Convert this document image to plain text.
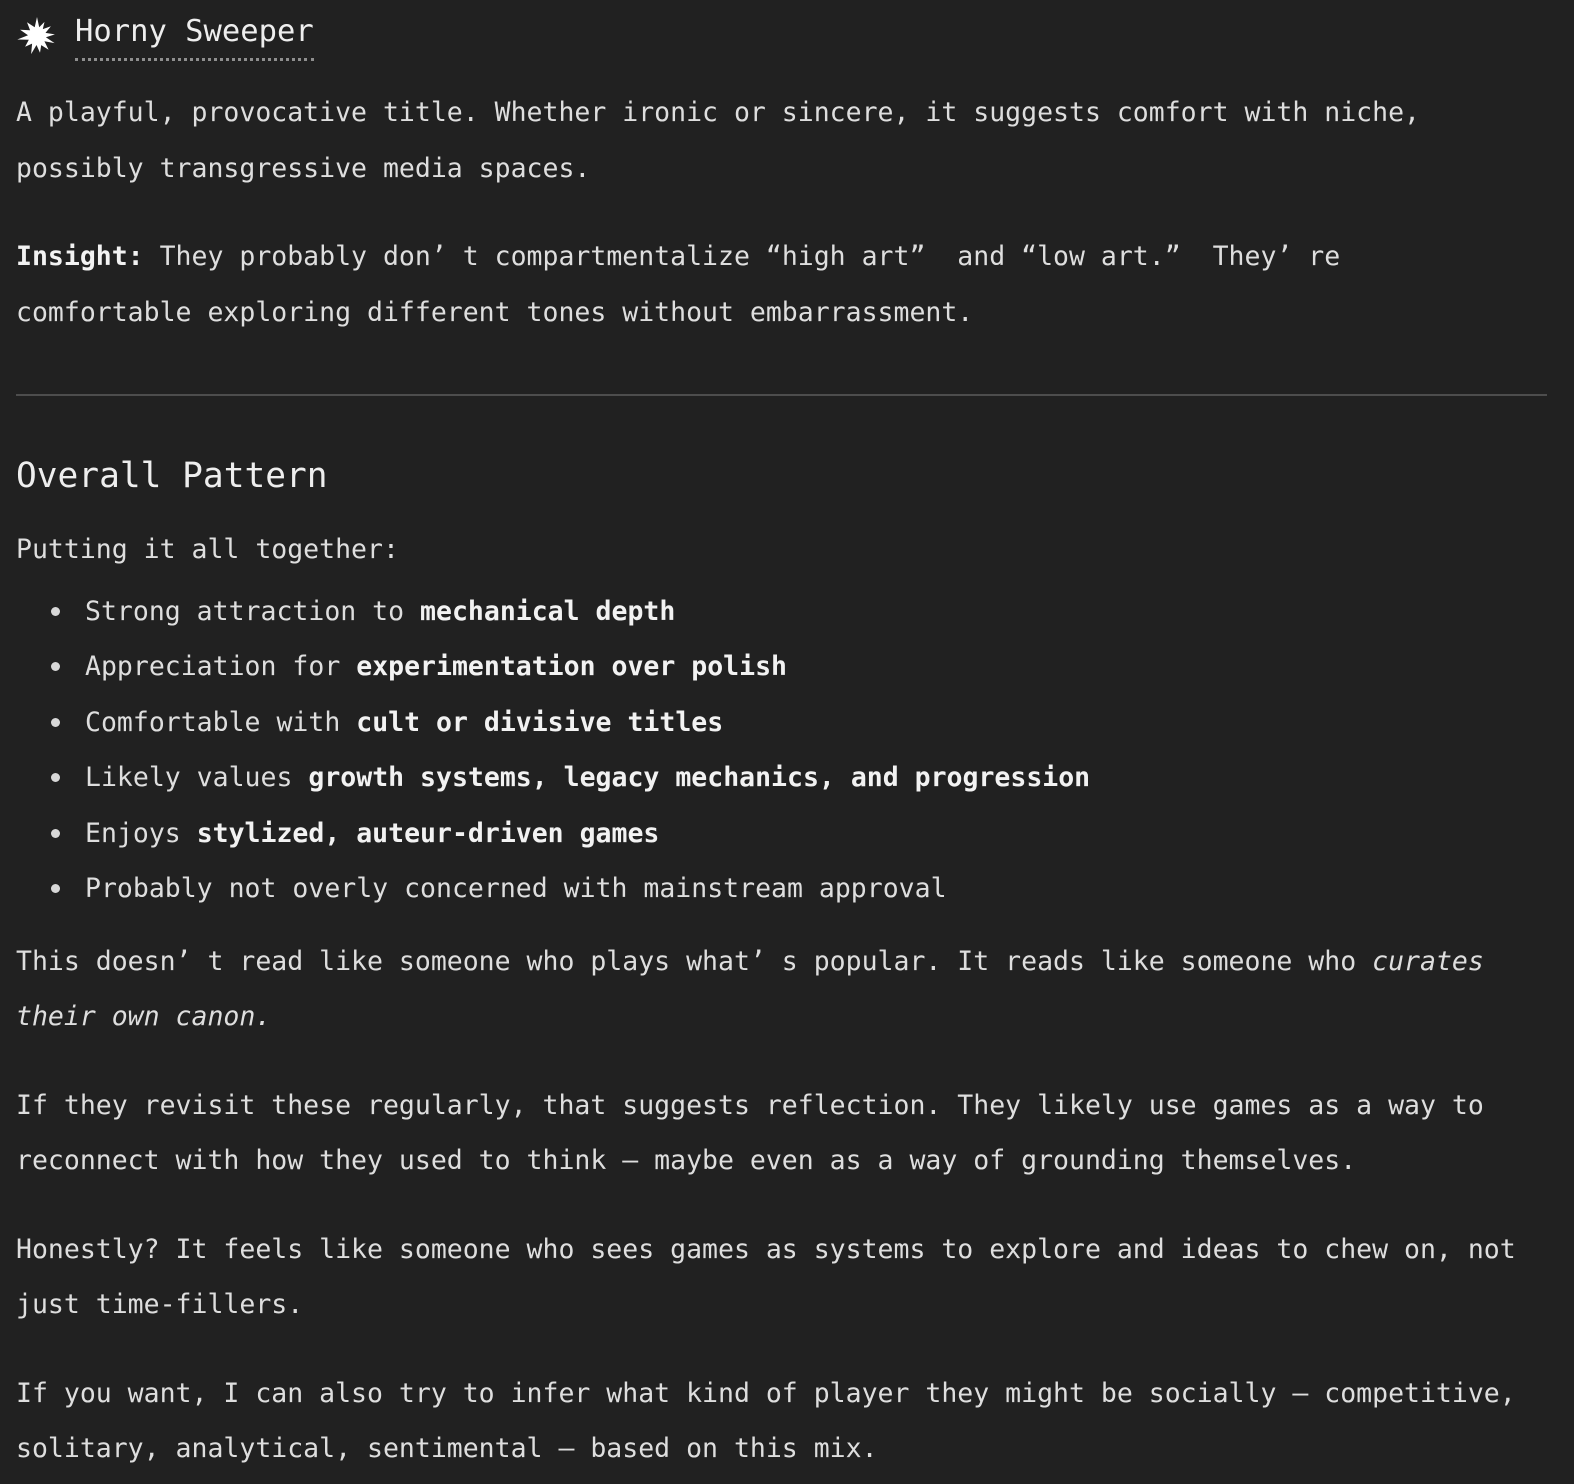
Horny Sweeper

A playful, provocative title. Whether ironic or sincere, it suggests comfort with niche,
possibly transgressive media spaces.

Insight: They probably don’ t compartmentalize “high art”  and “low art.”  They’ re
comfortable exploring different tones without embarrassment.

Overall Pattern

Putting it all together:

Strong attraction to mechanical depth
Appreciation for experimentation over polish
Comfortable with cult or divisive titles
Likely values growth systems, legacy mechanics, and progression
Enjoys stylized, auteur-driven games
Probably not overly concerned with mainstream approval

This doesn’ t read like someone who plays what’ s popular. It reads like someone who curates
their own canon.

If they revisit these regularly, that suggests reflection. They likely use games as a way to
reconnect with how they used to think — maybe even as a way of grounding themselves.

Honestly? It feels like someone who sees games as systems to explore and ideas to chew on, not
just time-fillers.

If you want, I can also try to infer what kind of player they might be socially — competitive,
solitary, analytical, sentimental — based on this mix.
